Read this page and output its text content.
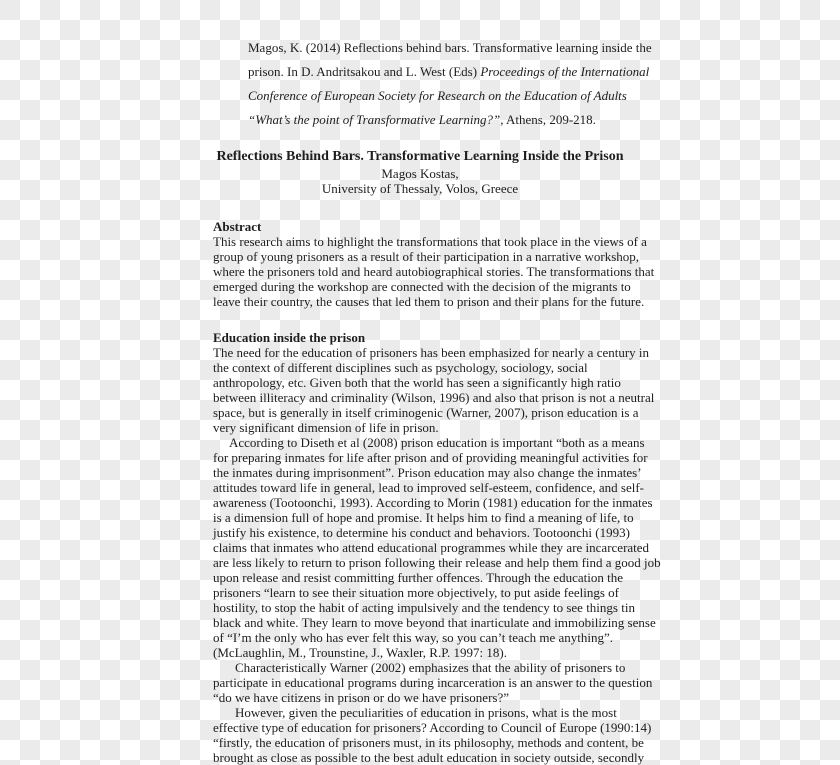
Magos, K. (2014) Reflections behind bars. Transformative learning inside the
prison. In D. Andritsakou and L. West (Eds) Proceedings of the International
Conference of European Society for Research on the Education of Adults
“What’s the point of Transformative Learning?”, Athens, 209-218.
Reflections Behind Bars. Transformative Learning Inside the Prison
Magos Kostas,
University of Thessaly, Volos, Greece
Abstract
This research aims to highlight the transformations that took place in the views of a
group of young prisoners as a result of their participation in a narrative workshop,
where the prisoners told and heard autobiographical stories. The transformations that
emerged during the workshop are connected with the decision of the migrants to
leave their country, the causes that led them to prison and their plans for the future.
Education inside the prison
The need for the education of prisoners has been emphasized for nearly a century in
the context of different disciplines such as psychology, sociology, social
anthropology, etc. Given both that the world has seen a significantly high ratio
between illiteracy and criminality (Wilson, 1996) and also that prison is not a neutral
space, but is generally in itself criminogenic (Warner, 2007), prison education is a
very significant dimension of life in prison.
According to Diseth et al (2008) prison education is important “both as a means
for preparing inmates for life after prison and of providing meaningful activities for
the inmates during imprisonment”. Prison education may also change the inmates’
attitudes toward life in general, lead to improved self-esteem, confidence, and self-
awareness (Tootoonchi, 1993). According to Morin (1981) education for the inmates
is a dimension full of hope and promise. It helps him to find a meaning of life, to
justify his existence, to determine his conduct and behaviors. Tootoonchi (1993)
claims that inmates who attend educational programmes while they are incarcerated
are less likely to return to prison following their release and help them find a good job
upon release and resist committing further offences. Through the education the
prisoners “learn to see their situation more objectively, to put aside feelings of
hostility, to stop the habit of acting impulsively and the tendency to see things tin
black and white. They learn to move beyond that inarticulate and immobilizing sense
of “I’m the only who has ever felt this way, so you can’t teach me anything”.
(McLaughlin, M., Trounstine, J., Waxler, R.P. 1997: 18).
Characteristically Warner (2002) emphasizes that the ability of prisoners to
participate in educational programs during incarceration is an answer to the question
“do we have citizens in prison or do we have prisoners?”
However, given the peculiarities of education in prisons, what is the most
effective type of education for prisoners? According to Council of Europe (1990:14)
“firstly, the education of prisoners must, in its philosophy, methods and content, be
brought as close as possible to the best adult education in society outside, secondly
